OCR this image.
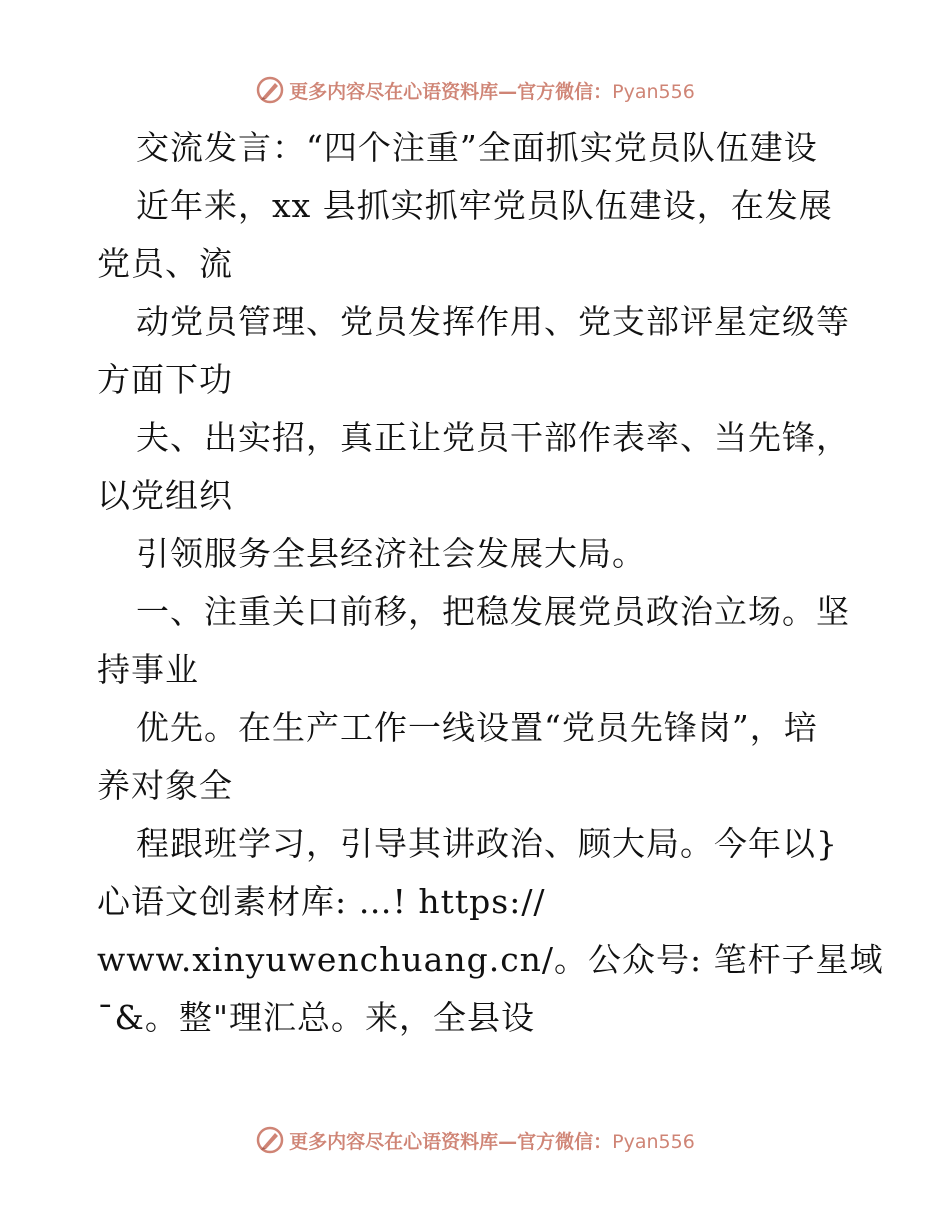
更多内容尽在心语资料库—官方微信：Pyan556
交流发言：“四个注重”全面抓实党员队伍建设
近年来，xx 县抓实抓牢党员队伍建设，在发展
党员、流
动党员管理、党员发挥作用、党支部评星定级等
方面下功
夫、出实招，真正让党员干部作表率、当先锋，
以党组织
引领服务全县经济社会发展大局。
一、注重关口前移，把稳发展党员政治立场。坚
持事业
优先。在生产工作一线设置“党员先锋岗”，培
养对象全
程跟班学习，引导其讲政治、顾大局。今年以}
心语文创素材库: …! https://
www.xinyuwenchuang.cn/。公众号: 笔杆子星域
¯&。整"理汇总。来，全县设
更多内容尽在心语资料库—官方微信：Pyan556
